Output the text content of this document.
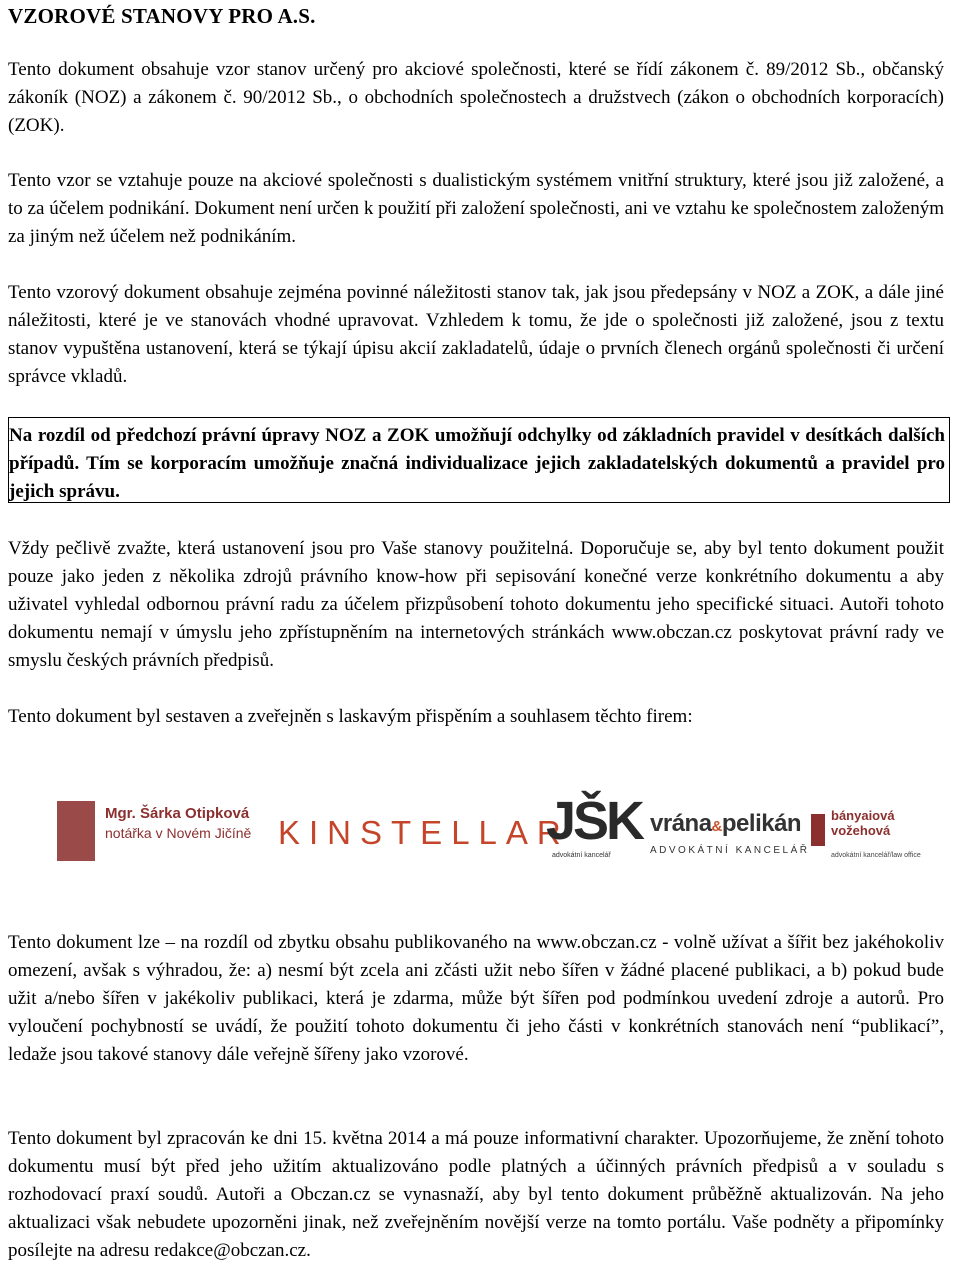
VZOROVÉ STANOVY PRO A.S.

Tento dokument obsahuje vzor stanov určený pro akciové společnosti, které se řídí zákonem č. 89/2012 Sb., občanský zákoník (NOZ) a zákonem č. 90/2012 Sb., o obchodních společnostech a družstvech (zákon o obchodních korporacích) (ZOK).

Tento vzor se vztahuje pouze na akciové společnosti s dualistickým systémem vnitřní struktury, které jsou již založené, a to za účelem podnikání. Dokument není určen k použití při založení společnosti, ani ve vztahu ke společnostem založeným za jiným než účelem než podnikáním.

Tento vzorový dokument obsahuje zejména povinné náležitosti stanov tak, jak jsou předepsány v NOZ a ZOK, a dále jiné náležitosti, které je ve stanovách vhodné upravovat. Vzhledem k tomu, že jde o společnosti již založené, jsou z textu stanov vypuštěna ustanovení, která se týkají úpisu akcií zakladatelů, údaje o prvních členech orgánů společnosti či určení správce vkladů.

Na rozdíl od předchozí právní úpravy NOZ a ZOK umožňují odchylky od základních pravidel v desítkách dalších případů. Tím se korporacím umožňuje značná individualizace jejich zakladatelských dokumentů a pravidel pro jejich správu.

Vždy pečlivě zvažte, která ustanovení jsou pro Vaše stanovy použitelná. Doporučuje se, aby byl tento dokument použit pouze jako jeden z několika zdrojů právního know-how při sepisování konečné verze konkrétního dokumentu a aby uživatel vyhledal odbornou právní radu za účelem přizpůsobení tohoto dokumentu jeho specifické situaci. Autoři tohoto dokumentu nemají v úmyslu jeho zpřístupněním na internetových stránkách www.obczan.cz poskytovat právní rady ve smyslu českých právních předpisů.

Tento dokument byl sestaven a zveřejněn s laskavým přispěním a souhlasem těchto firem:

Mgr. Šárka Otipková
notářka v Novém Jičíně KINSTELLAR
JŠK
advokátní kancelář
vrána&pelikán
ADVOKÁTNÍ KANCELÁŘ
bányaiová
vožehová
advokátní kancelář/law office

Tento dokument lze – na rozdíl od zbytku obsahu publikovaného na www.obczan.cz - volně užívat a šířit bez jakéhokoliv omezení, avšak s výhradou, že: a) nesmí být zcela ani zčásti užit nebo šířen v žádné placené publikaci, a b) pokud bude užit a/nebo šířen v jakékoliv publikaci, která je zdarma, může být šířen pod podmínkou uvedení zdroje a autorů. Pro vyloučení pochybností se uvádí, že použití tohoto dokumentu či jeho části v konkrétních stanovách není “publikací”, ledaže jsou takové stanovy dále veřejně šířeny jako vzorové.

Tento dokument byl zpracován ke dni 15. května 2014 a má pouze informativní charakter. Upozorňujeme, že znění tohoto dokumentu musí být před jeho užitím aktualizováno podle platných a účinných právních předpisů a v souladu s rozhodovací praxí soudů. Autoři a Obczan.cz se vynasnaží, aby byl tento dokument průběžně aktualizován. Na jeho aktualizaci však nebudete upozorněni jinak, než zveřejněním novější verze na tomto portálu. Vaše podněty a připomínky posílejte na adresu redakce@obczan.cz.
